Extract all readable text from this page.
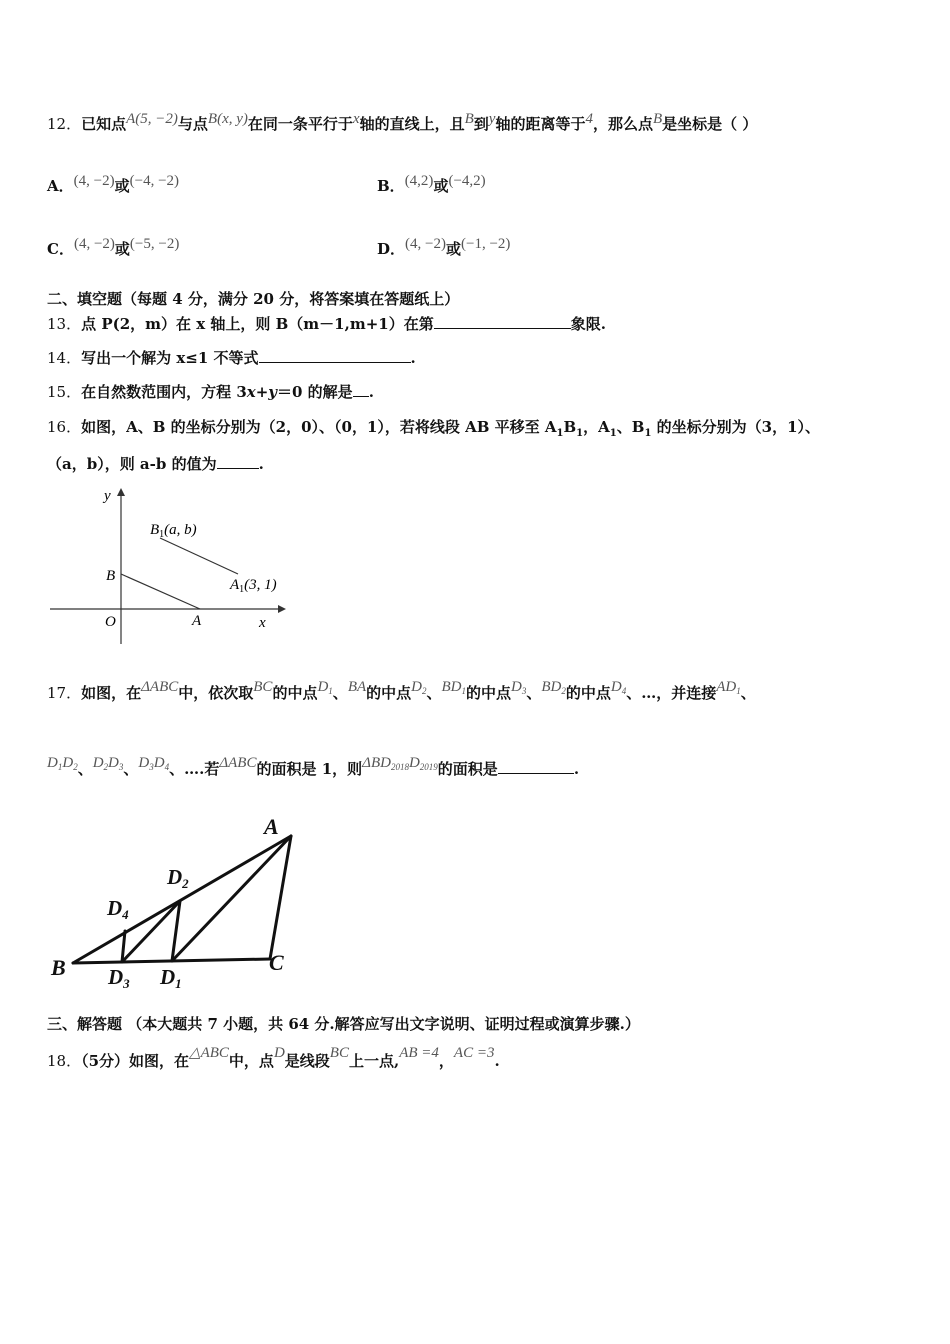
12．已知点A(5, −2)与点B(x, y)在同一条平行于x轴的直线上，且B到y轴的距离等于4，那么点B是坐标是（ ）
A．(4, −2)或(−4, −2)	B．(4,2)或(−4,2)
C．(4, −2)或(−5, −2)	D．(4, −2)或(−1, −2)
二、填空题（每题 4 分，满分 20 分，将答案填在答题纸上）
13．点 P(2，m）在 x 轴上，则 B（m－1,m+1）在第	象限.
14．写出一个解为 x≤1 不等式	.
15．在自然数范围内，方程 3x+y＝0 的解是 .
16．如图，A、B 的坐标分别为（2，0）、（0，1），若将线段 AB 平移至 $A_1B_1$，$A_1$、$B_1$ 的坐标分别为（3，1）、
（a，b），则 a-b 的值为	.
y
x
O	A
B
$B_1(a$, b)
$A_1(3$, 1)
17．如图，在ΔABC中，依次取BC的中点$D_1$、BA的中点$D_2$、$BD_1$的中点$D_3$、$BD_2$的中点$D_4$、…，并连接$AD_1$、
$D_1D_2$、$D_2D_3$、$D_3D_4$、….若ΔABC的面积是 1，则$\Delta BD_{2018}D_{2019}$的面积是	.
A
B	C
D1
D2
D3
D4
三、解答题 （本大题共 7 小题，共 64 分.解答应写出文字说明、证明过程或演算步骤.）
18．（5分）如图，在△ABC中，点D是线段BC上一点,AB =4，AC =3.
